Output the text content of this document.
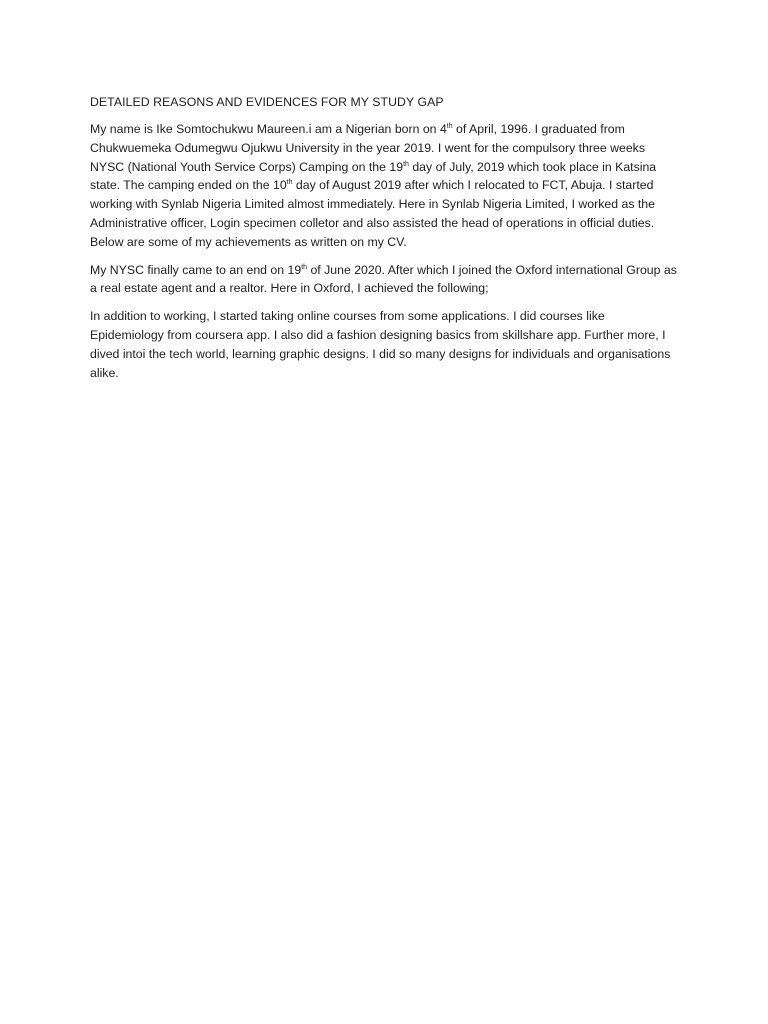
DETAILED REASONS AND EVIDENCES FOR MY STUDY GAP

My name is Ike Somtochukwu Maureen.i am a Nigerian born on 4th of April, 1996. I graduated from Chukwuemeka Odumegwu Ojukwu University in the year 2019. I went for the compulsory three weeks NYSC (National Youth Service Corps) Camping on the 19th day of July, 2019 which took place in Katsina state. The camping ended on the 10th day of August 2019 after which I relocated to FCT, Abuja. I started working with Synlab Nigeria Limited almost immediately. Here in Synlab Nigeria Limited, I worked as the Administrative officer, Login specimen colletor and also assisted the head of operations in official duties. Below are some of my achievements as written on my CV.

My NYSC finally came to an end on 19th of June 2020. After which I joined the Oxford international Group as a real estate agent and a realtor. Here in Oxford, I achieved the following;

In addition to working, I started taking online courses from some applications. I did courses like Epidemiology from coursera app. I also did a fashion designing basics from skillshare app. Further more, I dived intoi the tech world, learning graphic designs. I did so many designs for individuals and organisations alike.
